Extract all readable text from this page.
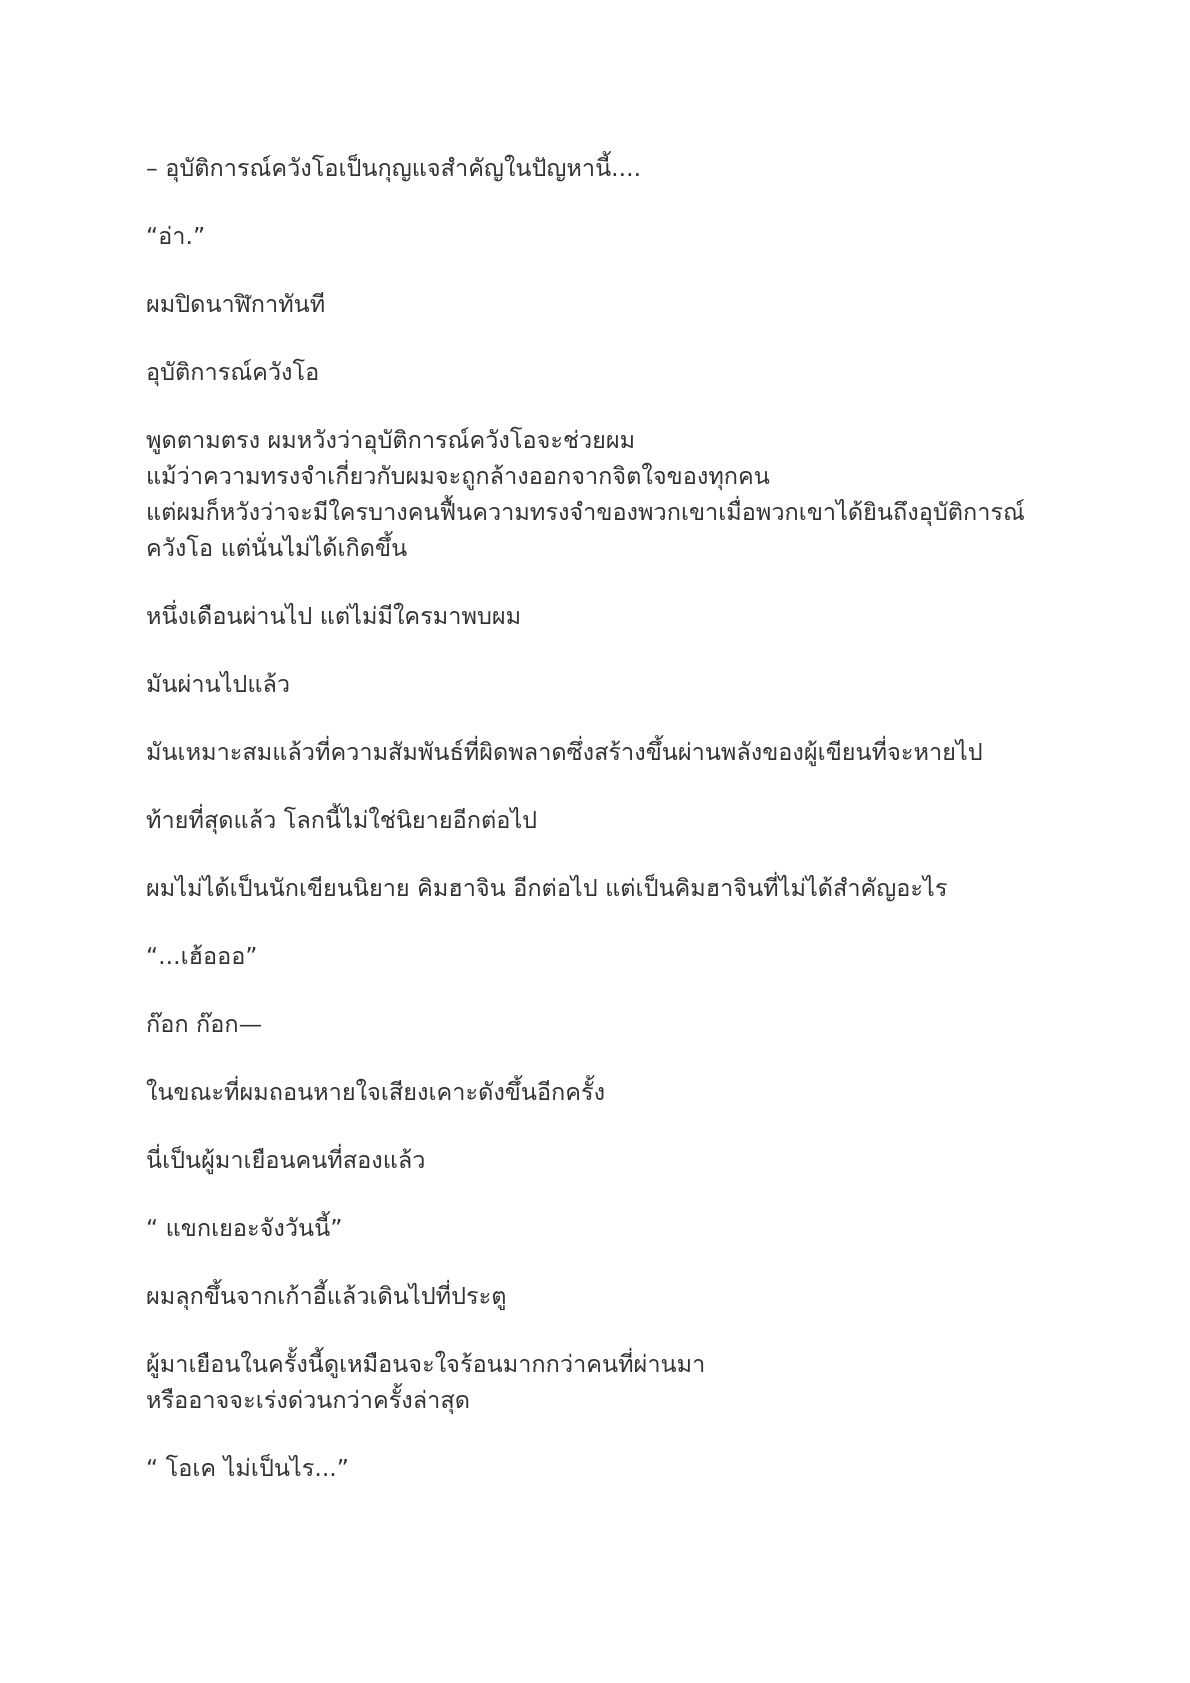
– อุบัติการณ์ควังโอเป็นกุญแจสำคัญในปัญหานี้....

“อ่า.”

ผมปิดนาฬิกาทันที

อุบัติการณ์ควังโอ

พูดตามตรง ผมหวังว่าอุบัติการณ์ควังโอจะช่วยผม
แม้ว่าความทรงจำเกี่ยวกับผมจะถูกล้างออกจากจิตใจของทุกคน
แต่ผมก็หวังว่าจะมีใครบางคนฟื้นความทรงจำของพวกเขาเมื่อพวกเขาได้ยินถึงอุบัติการณ์
ควังโอ แต่นั่นไม่ได้เกิดขึ้น

หนึ่งเดือนผ่านไป แต่ไม่มีใครมาพบผม

มันผ่านไปแล้ว

มันเหมาะสมแล้วที่ความสัมพันธ์ที่ผิดพลาดซึ่งสร้างขึ้นผ่านพลังของผู้เขียนที่จะหายไป

ท้ายที่สุดแล้ว โลกนี้ไม่ใช่นิยายอีกต่อไป

ผมไม่ได้เป็นนักเขียนนิยาย คิมฮาจิน อีกต่อไป แต่เป็นคิมฮาจินที่ไม่ได้สำคัญอะไร

“...เฮ้อออ”

ก๊อก ก๊อก—

ในขณะที่ผมถอนหายใจเสียงเคาะดังขึ้นอีกครั้ง

นี่เป็นผู้มาเยือนคนที่สองแล้ว

“ แขกเยอะจังวันนี้”

ผมลุกขึ้นจากเก้าอี้แล้วเดินไปที่ประตู

ผู้มาเยือนในครั้งนี้ดูเหมือนจะใจร้อนมากกว่าคนที่ผ่านมา
หรืออาจจะเร่งด่วนกว่าครั้งล่าสุด

“ โอเค ไม่เป็นไร...”
